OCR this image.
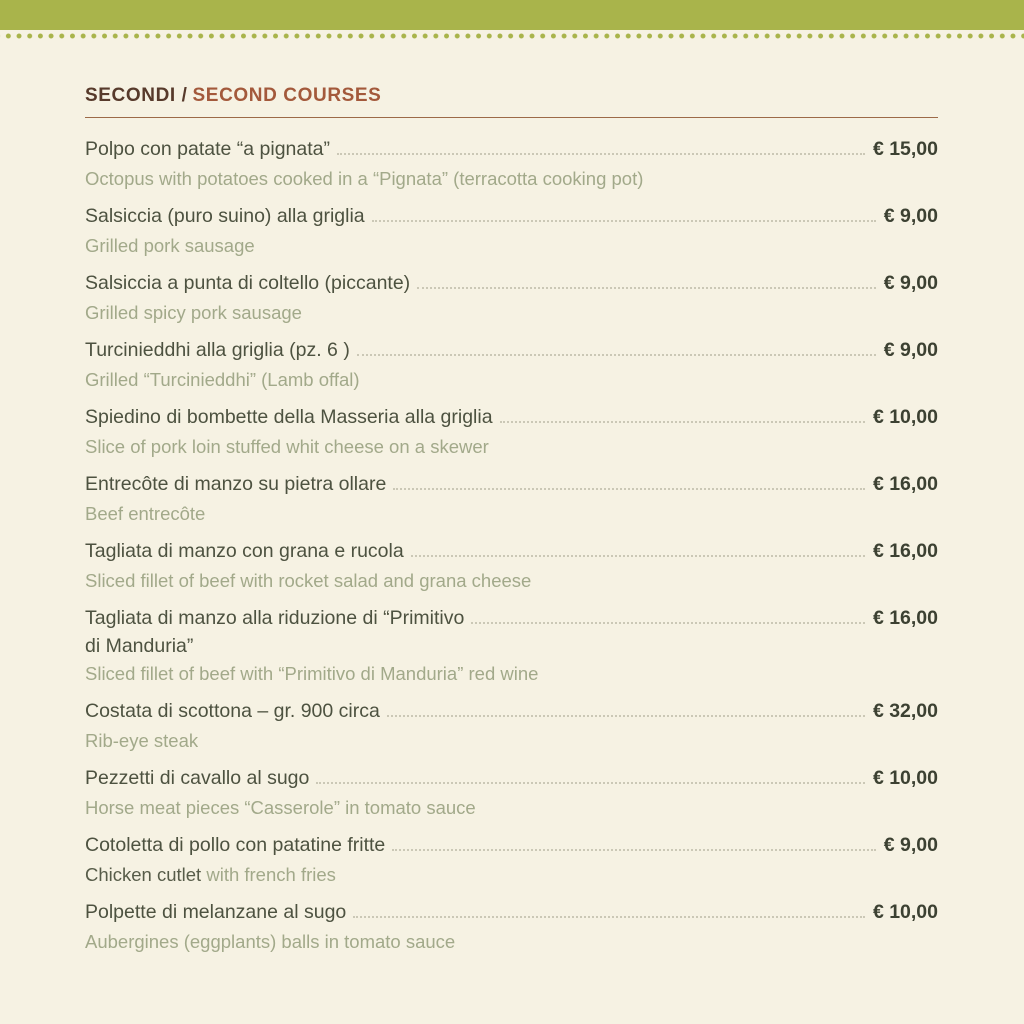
SECONDI / SECOND COURSES
Polpo con patate “a pignata”	€ 15,00
Octopus with potatoes cooked in a “Pignata” (terracotta cooking pot)
Salsiccia (puro suino) alla griglia	€ 9,00
Grilled pork sausage
Salsiccia a punta di coltello (piccante)	€ 9,00
Grilled spicy pork sausage
Turcinieddhi alla griglia (pz. 6 )	€ 9,00
Grilled “Turcinieddhi” (Lamb offal)
Spiedino di bombette della Masseria alla griglia	€ 10,00
Slice of pork loin stuffed whit cheese on a skewer
Entrecôte di manzo su pietra ollare	€ 16,00
Beef entrecôte
Tagliata di manzo con grana e rucola	€ 16,00
Sliced fillet of beef with rocket salad and grana cheese
Tagliata di manzo alla riduzione di “Primitivo	€ 16,00
di Manduria”
Sliced fillet of beef with “Primitivo di Manduria” red wine
Costata di scottona – gr. 900 circa	€ 32,00
Rib-eye steak
Pezzetti di cavallo al sugo	€ 10,00
Horse meat pieces “Casserole” in tomato sauce
Cotoletta di pollo con patatine fritte	€ 9,00
Chicken cutlet with french fries
Polpette di melanzane al sugo	€ 10,00
Aubergines (eggplants) balls in tomato sauce
